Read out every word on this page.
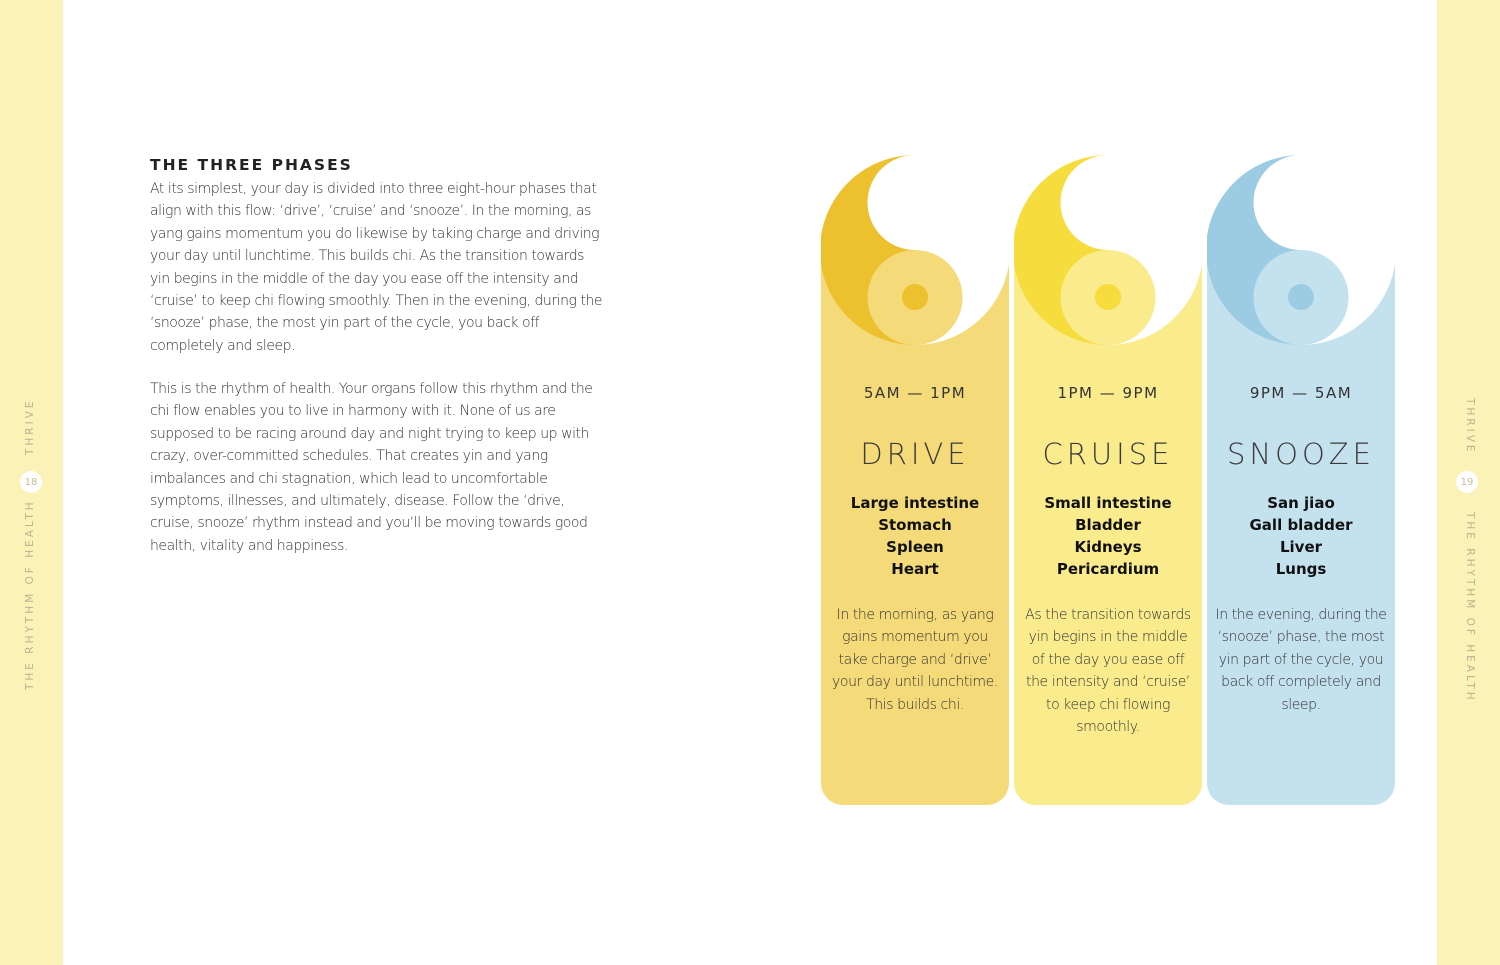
THE RHYTHM OF HEALTH
18
THRIVE	THRIVE
19
THE RHYTHM OF HEALTH
THE THREE PHASES

At its simplest, your day is divided into three eight-hour phases that align with this flow: ‘drive’, ‘cruise’ and ‘snooze’. In the morning, as yang gains momentum you do likewise by taking charge and driving your day until lunchtime. This builds chi. As the transition towards yin begins in the middle of the day you ease off the intensity and ‘cruise’ to keep chi flowing smoothly. Then in the evening, during the ‘snooze’ phase, the most yin part of the cycle, you back off completely and sleep.

This is the rhythm of health. Your organs follow this rhythm and the chi flow enables you to live in harmony with it. None of us are supposed to be racing around day and night trying to keep up with crazy, over-committed schedules. That creates yin and yang imbalances and chi stagnation, which lead to uncomfortable symptoms, illnesses, and ultimately, disease. Follow the ‘drive, cruise, snooze’ rhythm instead and you’ll be moving towards good health, vitality and happiness.

5AM — 1PM
DRIVE
Large intestine
Stomach
Spleen
Heart

In the morning, as yang gains momentum you take charge and ‘drive’ your day until lunchtime. This builds chi.

1PM — 9PM
CRUISE
Small intestine
Bladder
Kidneys
Pericardium

As the transition towards yin begins in the middle of the day you ease off the intensity and ‘cruise’ to keep chi flowing smoothly.

9PM — 5AM
SNOOZE
San jiao
Gall bladder
Liver
Lungs

In the evening, during the ‘snooze’ phase, the most yin part of the cycle, you back off completely and sleep.
